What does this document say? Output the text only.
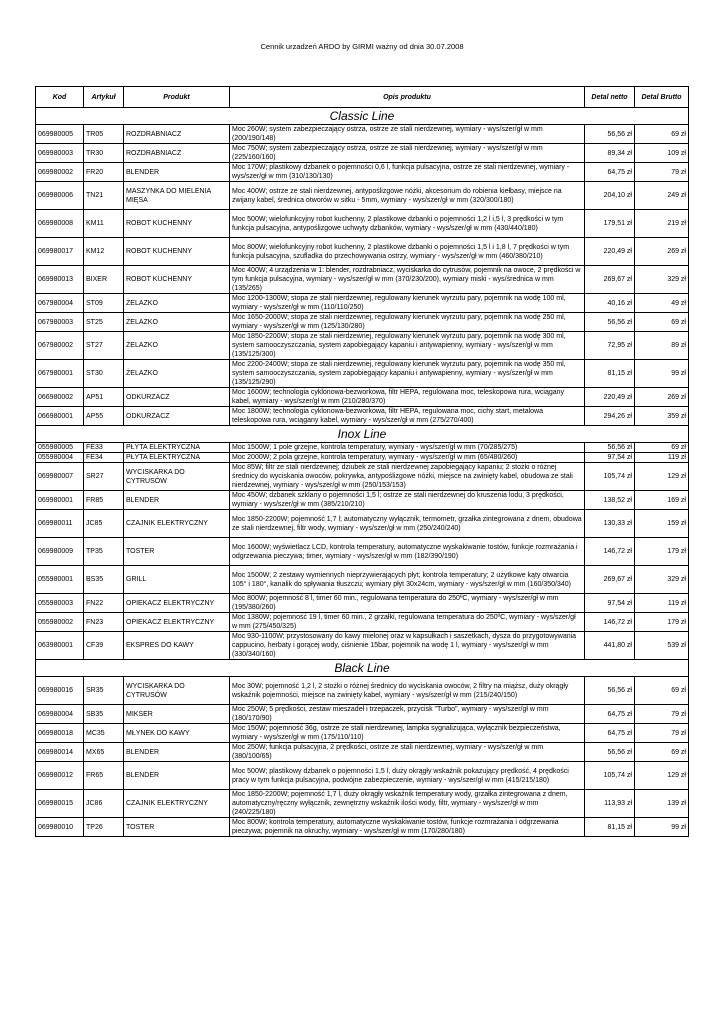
Cennik urzadzeń ARDO by GIRMI ważny od dnia 30.07.2008
Kod	Artykuł	Produkt	Opis produktu	Detal netto	Detal Brutto
Classic Line					
069980005	TR05	ROZDRABNIACZ	Moc 260W; system zabezpieczający ostrza, ostrze ze stali nierdzewnej, wymiary - wys/szer/gł w mm (200/190/148)	56,56 zł	69 zł
069980003	TR30	ROZDRABNIACZ	Moc 750W; system zabezpieczający ostrza, ostrze ze stali nierdzewnej, wymiary - wys/szer/gł w mm (225/160/160)	89,34 zł	109 zł
069980002	FR20	BLENDER	Moc 170W; plastikowy dzbanek o pojemności 0,6 l, funkcja pulsacyjna, ostrze ze stali nierdzewnej, wymiary - wys/szer/gł w mm (310/130/130)	64,75 zł	79 zł
069980006	TN21	MASZYNKA DO MIELENIA MIĘSA	Moc 400W; ostrze ze stali nierdzewnej, antypoślizgowe nóżki, akcesorium do robienia kiełbasy, miejsce na zwijany kabel, średnica otworów w sitku - 5mm, wymiary - wys/szer/gł w mm (320/300/180)	204,10 zł	249 zł
069980008	KM11	ROBOT KUCHENNY	Moc 500W; wielofunkcyjny robot kuchenny, 2 plastikowe dzbanki o pojemności 1,2 l i,5 l, 3 prędkości w tym funkcja pulsacyjna, antypoślizgowe uchwyty dzbanków, wymiary - wys/szer/gł w mm (430/440/180)	179,51 zł	219 zł
069980017	KM12	ROBOT KUCHENNY	Moc 800W; wielofunkcyjny robot kuchenny, 2 plastikowe dzbanki o pojemności 1,5 l i 1,8 l, 7 prędkości w tym funkcja pulsacyjna, szufladka do przechowywania ostrzy, wymiary - wys/szer/gł w mm (460/380/210)	220,49 zł	269 zł
069980013	BIXER	ROBOT KUCHENNY	Moc 400W; 4 urządzenia w 1: blender, rozdrabniacz, wyciskarka do cytrusów, pojemnik na owoce, 2 prędkości w tym funkcja pulsacyjna, wymiary - wys/szer/gł w mm (370/230/200), wymiary miski - wys/średnica w mm (135/265)	269,67 zł	329 zł
067980004	ST09	ŻELAZKO	Moc 1200-1300W; stopa ze stali nierdzewnej, regulowany kierunek wyrzutu pary, pojemnik na wodę 100 ml, wymiary - wys/szer/gł w mm (110/110/250)	40,16 zł	49 zł
067980003	ST25	ŻELAZKO	Moc 1650-2000W; stopa ze stali nierdzewnej, regulowany kierunek wyrzutu pary, pojemnik na wodę 250 ml, wymiary - wys/szer/gł w mm (125/130/280)	56,56 zł	69 zł
067980002	ST27	ŻELAZKO	Moc 1850-2200W; stopa ze stali nierdzewnej, regulowany kierunek wyrzutu pary, pojemnik na wodę 300 ml, system samooczyszczania, system zapobiegający kapaniu i antywapienny, wymiary - wys/szer/gł w mm (135/125/300)	72,95 zł	89 zł
067980001	ST30	ŻELAZKO	Moc 2200-2400W; stopa ze stali nierdzewnej, regulowany kierunek wyrzutu pary, pojemnik na wodę 350 ml, system samooczyszczania, system zapobiegający kapaniu i antywapienny, wymiary - wys/szer/gł w mm (135/125/290)	81,15 zł	99 zł
066980002	AP51	ODKURZACZ	Moc 1600W; technologia cyklonowa-bezworkowa, filtr HEPA, regulowana moc, teleskopowa rura, wciągany kabel, wymiary - wys/szer/gł w mm (210/280/370)	220,49 zł	269 zł
066980001	AP55	ODKURZACZ	Moc 1800W; technologia cyklonowa-bezworkowa, filtr HEPA, regulowana moc, cichy start, metalowa teleskopowa rura, wciągany kabel, wymiary - wys/szer/gł w mm (275/270/400)	294,26 zł	359 zł
Inox Line					
055980005	FE33	PŁYTA ELEKTRYCZNA	Moc 1500W; 1 pole grzejne, kontrola temperatury, wymiary - wys/szer/gł w mm (70/285/275)	56,56 zł	69 zł
055980004	FE34	PŁYTA ELEKTRYCZNA	Moc 2000W; 2 pola grzejne, kontrola temperatury, wymiary - wys/szer/gł w mm (65/480/260)	97,54 zł	119 zł
069980007	SR27	WYCISKARKA DO CYTRUSÓW	Moc 85W; filtr ze stali nierdzewnej; dziubek ze stali nierdzewnej zapobiegający kapaniu; 2 stożki o różnej średnicy do wyciskania owoców, pokrywka, antypoślizgowe nóżki, miejsce na zwinięty kabel, obudowa ze stali nierdzewnej, wymiary - wys/szer/gł w mm (250/153/153)	105,74 zł	129 zł
069980001	FR85	BLENDER	Moc 450W; dzbanek szklany o pojemności 1,5 l; ostrze ze stali nierdzewnej do kruszenia lodu, 3 prędkości, wymiary - wys/szer/gł w mm (385/210/210)	138,52 zł	169 zł
069980011	JC85	CZAJNIK ELEKTRYCZNY	Moc 1850-2200W; pojemność 1,7 l; automatyczny wyłącznik, termometr, grzałka zintegrowana z dnem, obudowa ze stali nierdzewnej, filtr wody, wymiary - wys/szer/gł w mm (250/240/240)	130,33 zł	159 zł
069980009	TP35	TOSTER	Moc 1600W; wyświetlacz LCD, kontrola temperatury, automatyczne wyskakiwanie tostów, funkcje rozmrażania i odgrzewania pieczywa; timer, wymiary - wys/szer/gł w mm (182/390/190)	146,72 zł	179 zł
055980001	BS35	GRILL	Moc 1500W; 2 zestawy wymiennych nieprzywierających płyt; kontrola temperatury; 2 użytkowe kąty otwarcia 105° i 180°, kanalik do spływania tłuszczu; wymiary płyt 30x24cm, wymiary - wys/szer/gł w mm (160/350/340)	269,67 zł	329 zł
055980003	FN22	OPIEKACZ ELEKTRYCZNY	Moc 800W; pojemność 8 l, timer 60 min., regulowana temperatura do 250ºC, wymiary - wys/szer/gł w mm (195/380/260)	97,54 zł	119 zł
055980002	FN23	OPIEKACZ ELEKTRYCZNY	Moc 1380W; pojemność 19 l, timer 60 min., 2 grzałki, regulowana temperatura do 250ºC, wymiary - wys/szer/gł w mm (275/450/325)	146,72 zł	179 zł
063980001	CF39	EKSPRES DO KAWY	Moc 930-1100W; przystosowany do kawy mielonej oraz w kapsułkach i saszetkach, dysza do przygotowywania cappucino, herbaty i gorącej wody, ciśnienie 15bar, pojemnik na wodę 1 l, wymiary - wys/szer/gł w mm (330/340/160)	441,80 zł	539 zł
Black Line					
069980016	SR35	WYCISKARKA DO CYTRUSÓW	Moc 30W; pojemność 1,2 l, 2 stożki o różnej średnicy do wyciskania owoców, 2 filtry na miąższ, duży okrągły wskaźnik pojemności, miejsce na zwinięty kabel, wymiary - wys/szer/gł w mm (215/240/150)	56,56 zł	69 zł
069980004	SB35	MIKSER	Moc 250W; 5 prędkości, zestaw mieszadeł i trzepaczek, przycisk "Turbo", wymiary - wys/szer/gł w mm (180/170/90)	64,75 zł	79 zł
069980018	MC35	MŁYNEK DO KAWY	Moc 150W; pojemność 36g, ostrze ze stali nierdzewnej, lampka sygnalizująca, wyłącznik bezpieczeństwa, wymiary - wys/szer/gł w mm (175/110/110)	64,75 zł	79 zł
069980014	MX65	BLENDER	Moc 250W; funkcja pulsacyjna, 2 prędkości, ostrze ze stali nierdzewnej, wymiary - wys/szer/gł w mm (380/100/65)	56,56 zł	69 zł
069980012	FR65	BLENDER	Moc 500W; plastikowy dzbanek o pojemności 1,5 l, duży okrągły wskaźnik pokazujący prędkość, 4 prędkości pracy w tym funkcja pulsacyjna, podwójne zabezpieczenie, wymiary - wys/szer/gł w mm (415/215/180)	105,74 zł	129 zł
069980015	JC86	CZAJNIK ELEKTRYCZNY	Moc 1850-2200W; pojemność 1,7 l, duży okrągły wskaźnik temperatury wody, grzałka zintegrowana z dnem, automatyczny/ręczny wyłącznik, zewnętrzny wskaźnik ilości wody, filtr, wymiary - wys/szer/gł w mm (240/225/180)	113,93 zł	139 zł
069980010	TP26	TOSTER	Moc 800W; kontrola temperatury, automatyczne wyskakiwanie tostów, funkcje rozmrażania i odgrzewania pieczywa; pojemnik na okruchy, wymiary - wys/szer/gł w mm (170/280/180)	81,15 zł	99 zł
